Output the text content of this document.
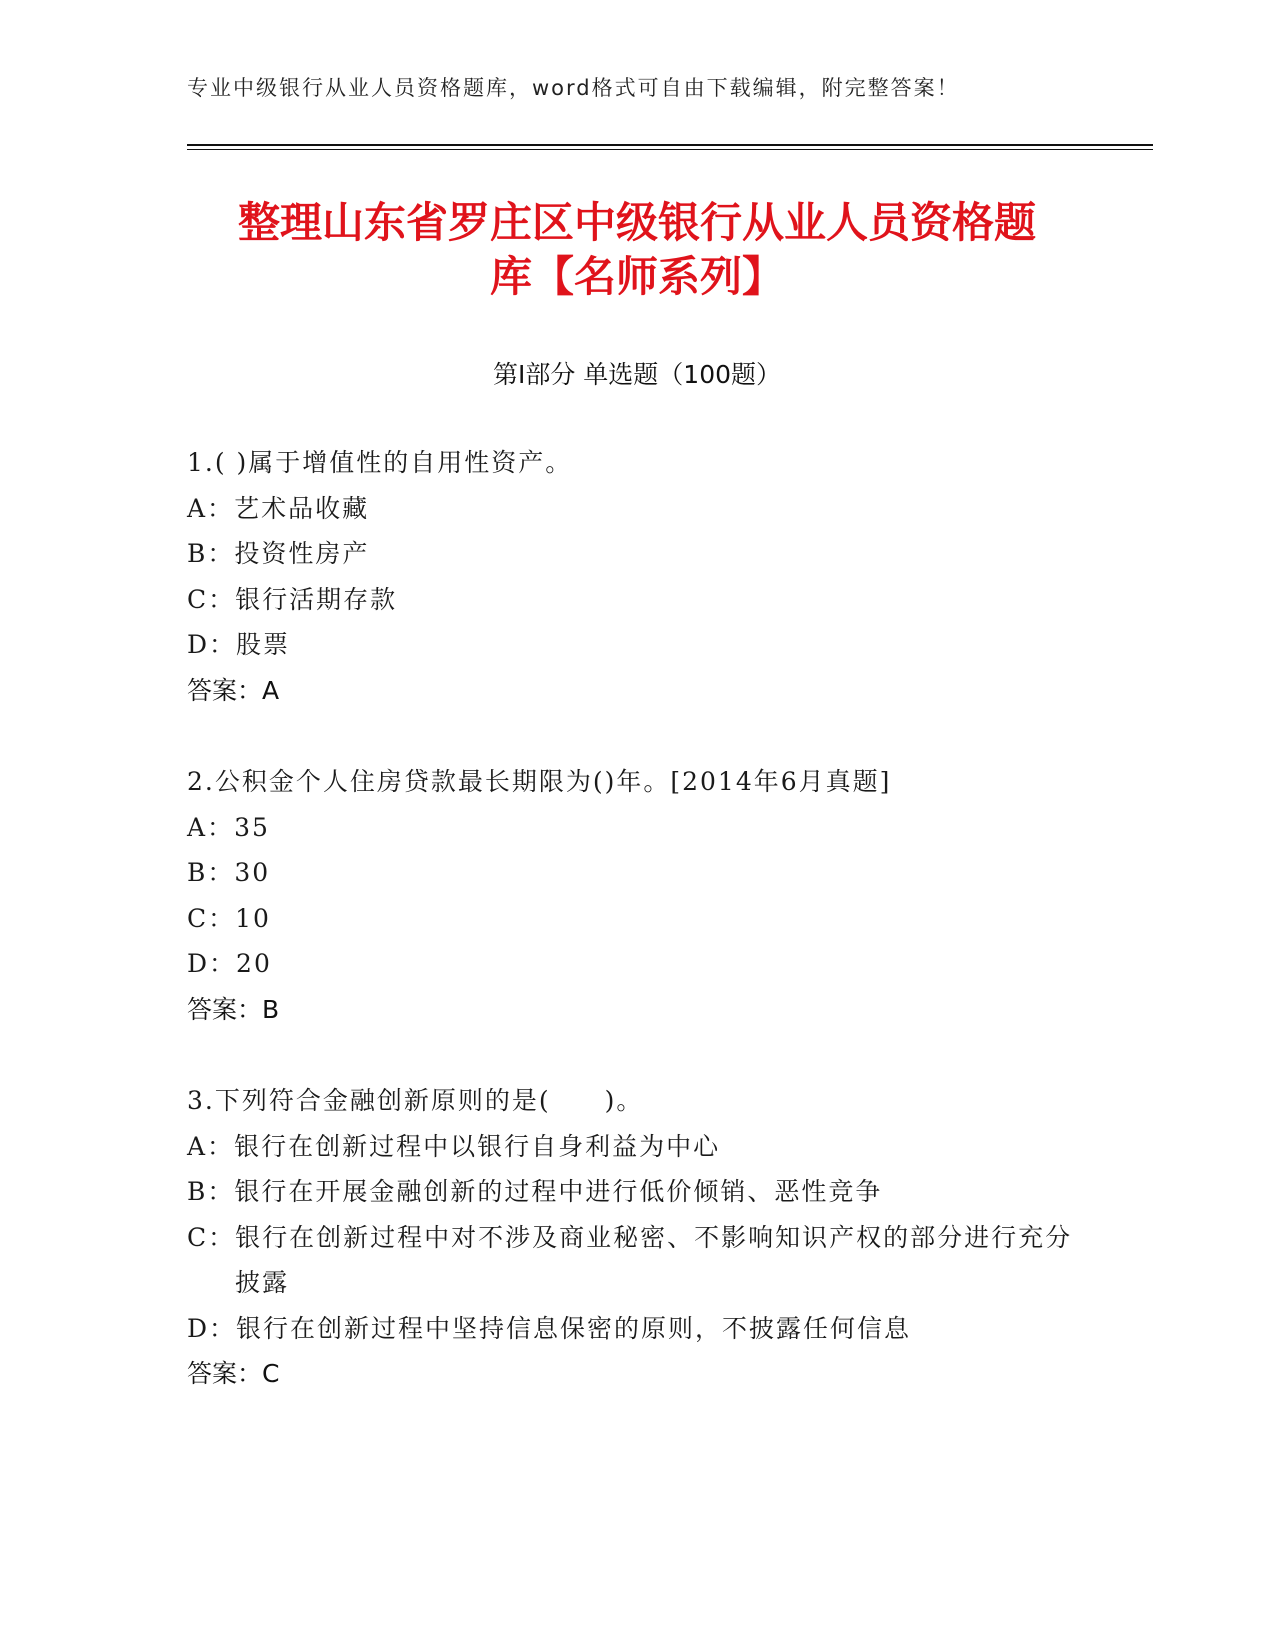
专业中级银行从业人员资格题库，word格式可自由下载编辑，附完整答案！
整理山东省罗庄区中级银行从业人员资格题
库【名师系列】
第Ⅰ部分 单选题（100题）
1.( )属于增值性的自用性资产。
A： 艺术品收藏
B： 投资性房产
C： 银行活期存款
D： 股票
答案：A
2.公积金个人住房贷款最长期限为()年。[2014年6月真题]
A： 35
B： 30
C： 10
D： 20
答案：B
3.下列符合金融创新原则的是(　　)。
A： 银行在创新过程中以银行自身利益为中心
B： 银行在开展金融创新的过程中进行低价倾销、恶性竞争
C： 银行在创新过程中对不涉及商业秘密、不影响知识产权的部分进行充分披露
D： 银行在创新过程中坚持信息保密的原则，不披露任何信息
答案：C
